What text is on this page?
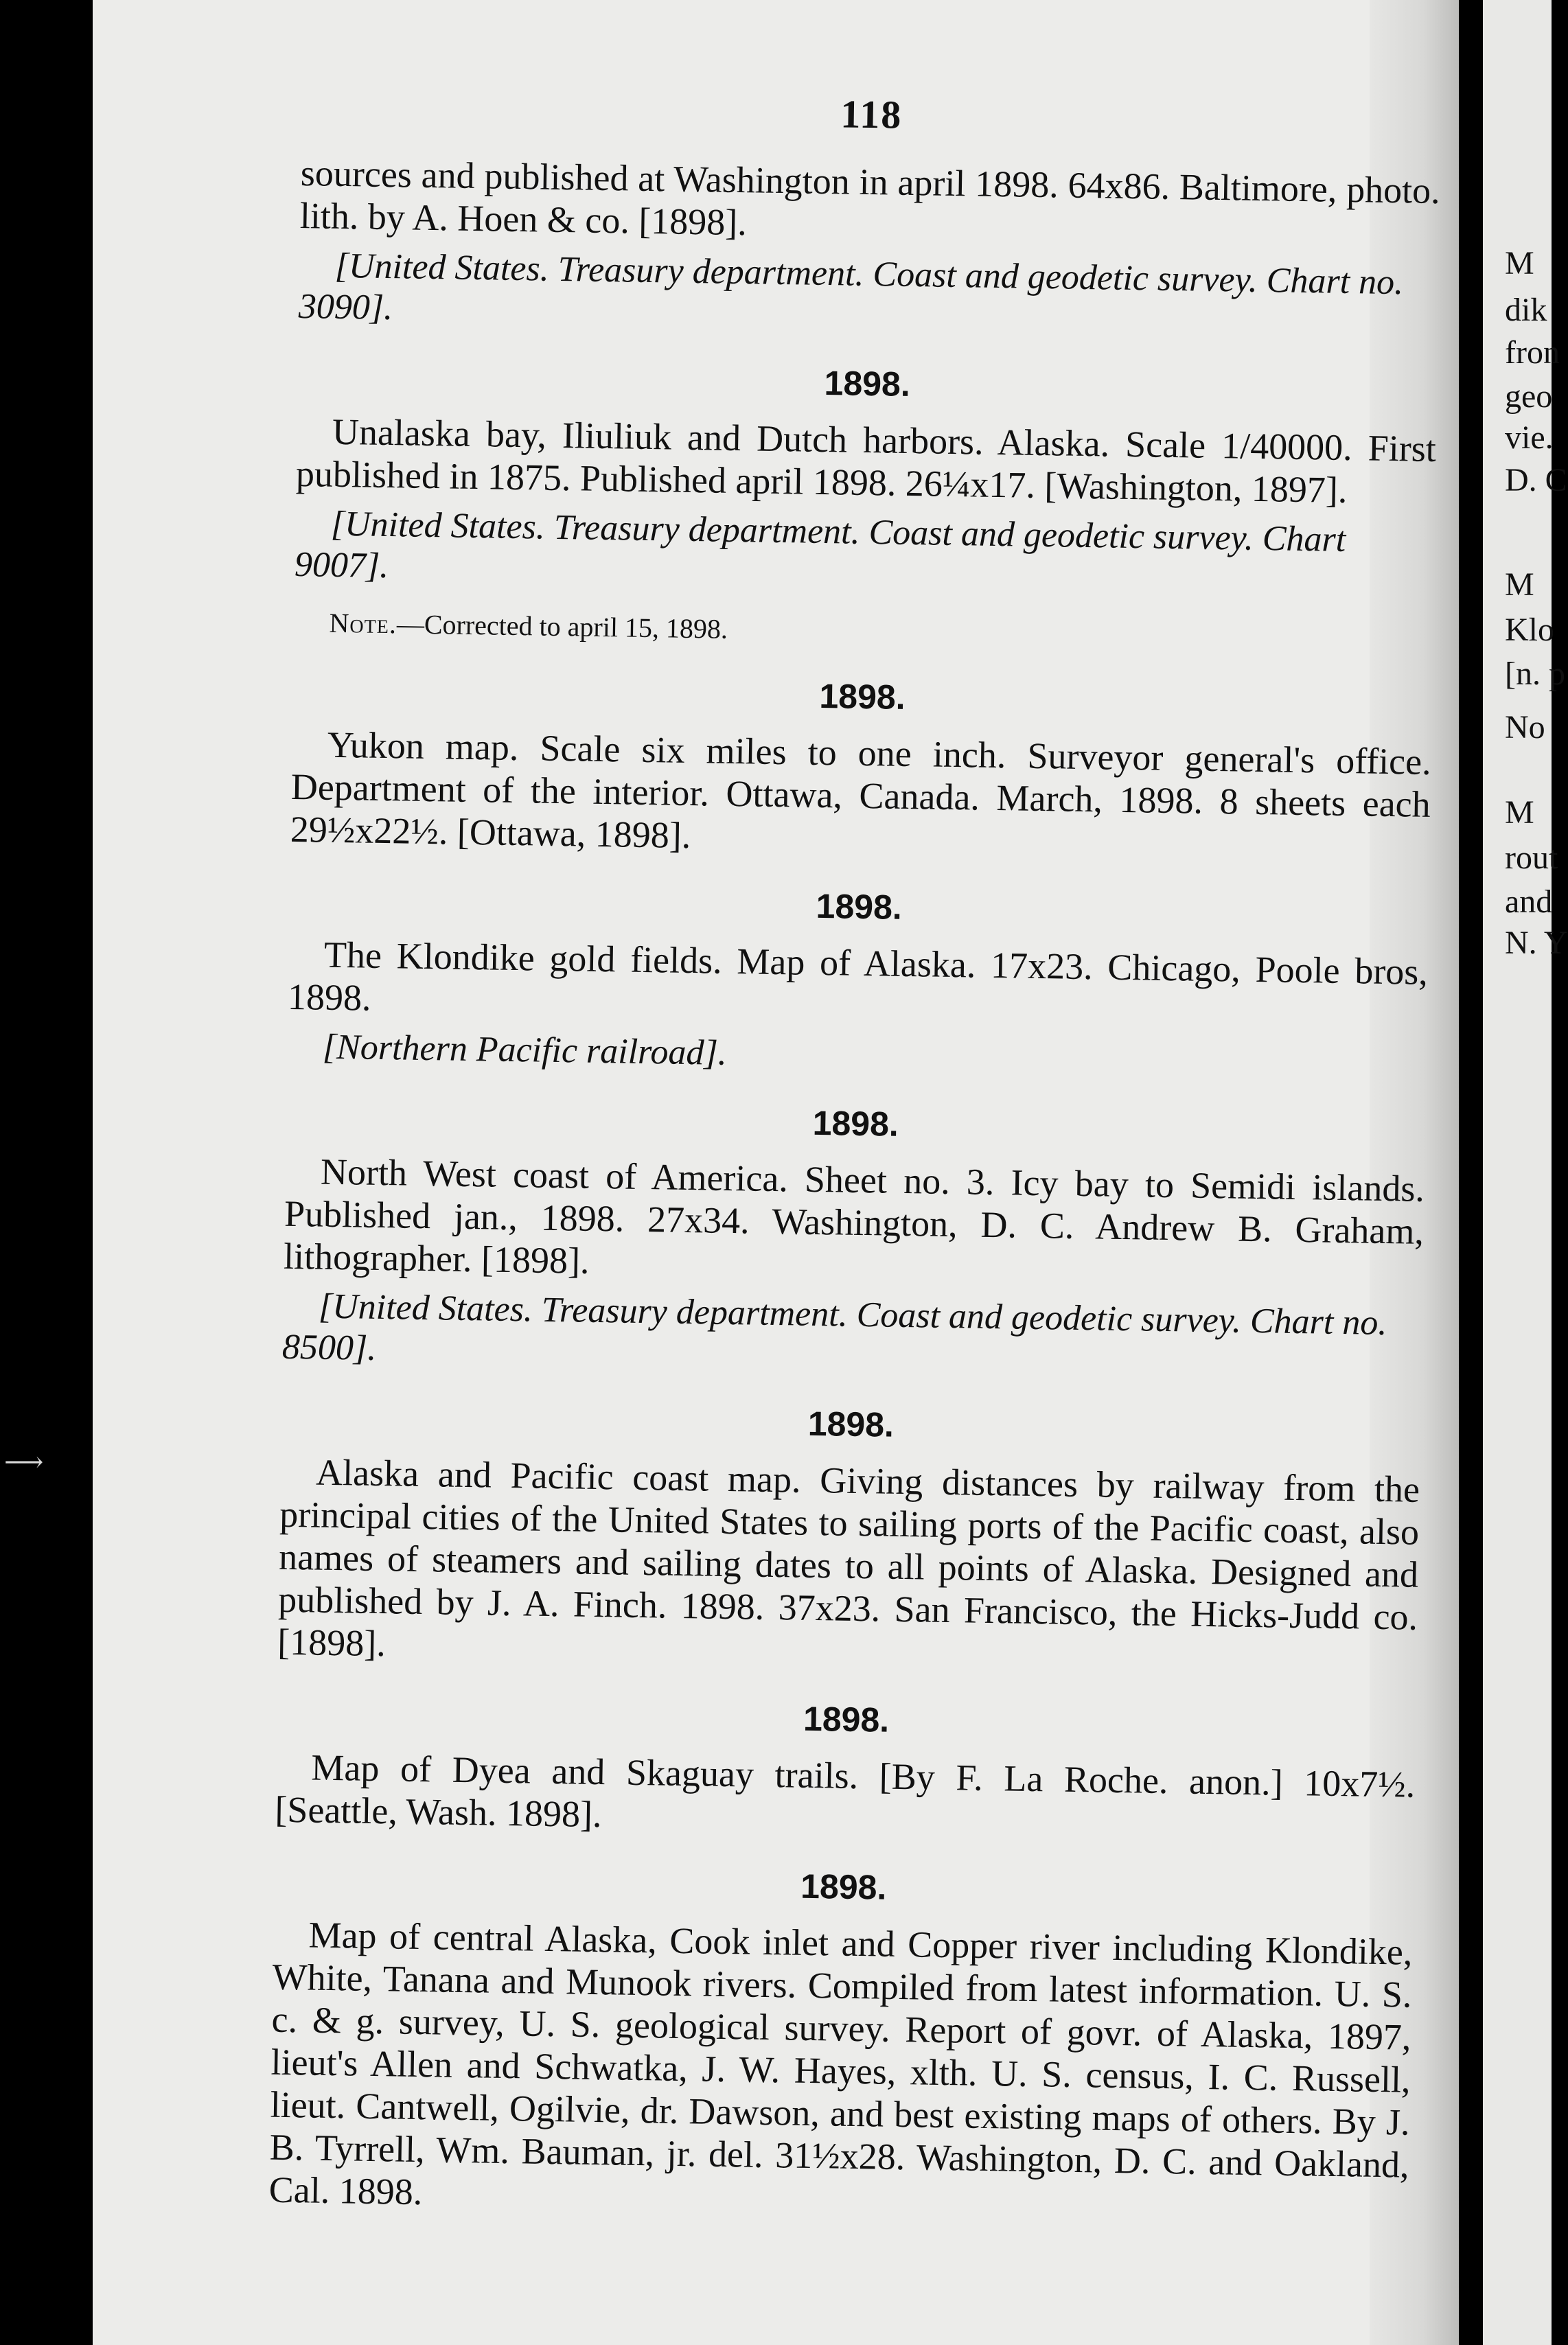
⟶
M
dik
fron
geo
vie.
D. C
M
Klo
[n. p
No
M
rout
and
N. Y
118

sources and published at Washington in april 1898. 64x86. Baltimore, photo. lith. by A. Hoen & co. [1898].

[United States. Treasury department. Coast and geodetic survey. Chart no. 3090].

1898.

Unalaska bay, Iliuliuk and Dutch harbors. Alaska. Scale 1/40000. First published in 1875. Published april 1898. 26¼x17. [Washington, 1897].

[United States. Treasury department. Coast and geodetic survey. Chart 9007].

Note.—Corrected to april 15, 1898.

1898.

Yukon map. Scale six miles to one inch. Surveyor general's office. Department of the interior. Ottawa, Canada. March, 1898. 8 sheets each 29½x22½. [Ottawa, 1898].

1898.

The Klondike gold fields. Map of Alaska. 17x23. Chicago, Poole bros, 1898.

[Northern Pacific railroad].

1898.

North West coast of America. Sheet no. 3. Icy bay to Semidi islands. Published jan., 1898. 27x34. Washington, D. C. Andrew B. Graham, lithographer. [1898].

[United States. Treasury department. Coast and geodetic survey. Chart no. 8500].

1898.

Alaska and Pacific coast map. Giving distances by railway from the principal cities of the United States to sailing ports of the Pacific coast, also names of steamers and sailing dates to all points of Alaska. Designed and published by J. A. Finch. 1898. 37x23. San Francisco, the Hicks-Judd co. [1898].

1898.

Map of Dyea and Skaguay trails. [By F. La Roche. anon.] 10x7½. [Seattle, Wash. 1898].

1898.

Map of central Alaska, Cook inlet and Copper river including Klondike, White, Tanana and Munook rivers. Compiled from latest information. U. S. c. & g. survey, U. S. geological survey. Report of govr. of Alaska, 1897, lieut's Allen and Schwatka, J. W. Hayes, xlth. U. S. census, I. C. Russell, lieut. Cantwell, Ogilvie, dr. Dawson, and best existing maps of others. By J. B. Tyrrell, Wm. Bauman, jr. del. 31½x28. Washington, D. C. and Oakland, Cal. 1898.
